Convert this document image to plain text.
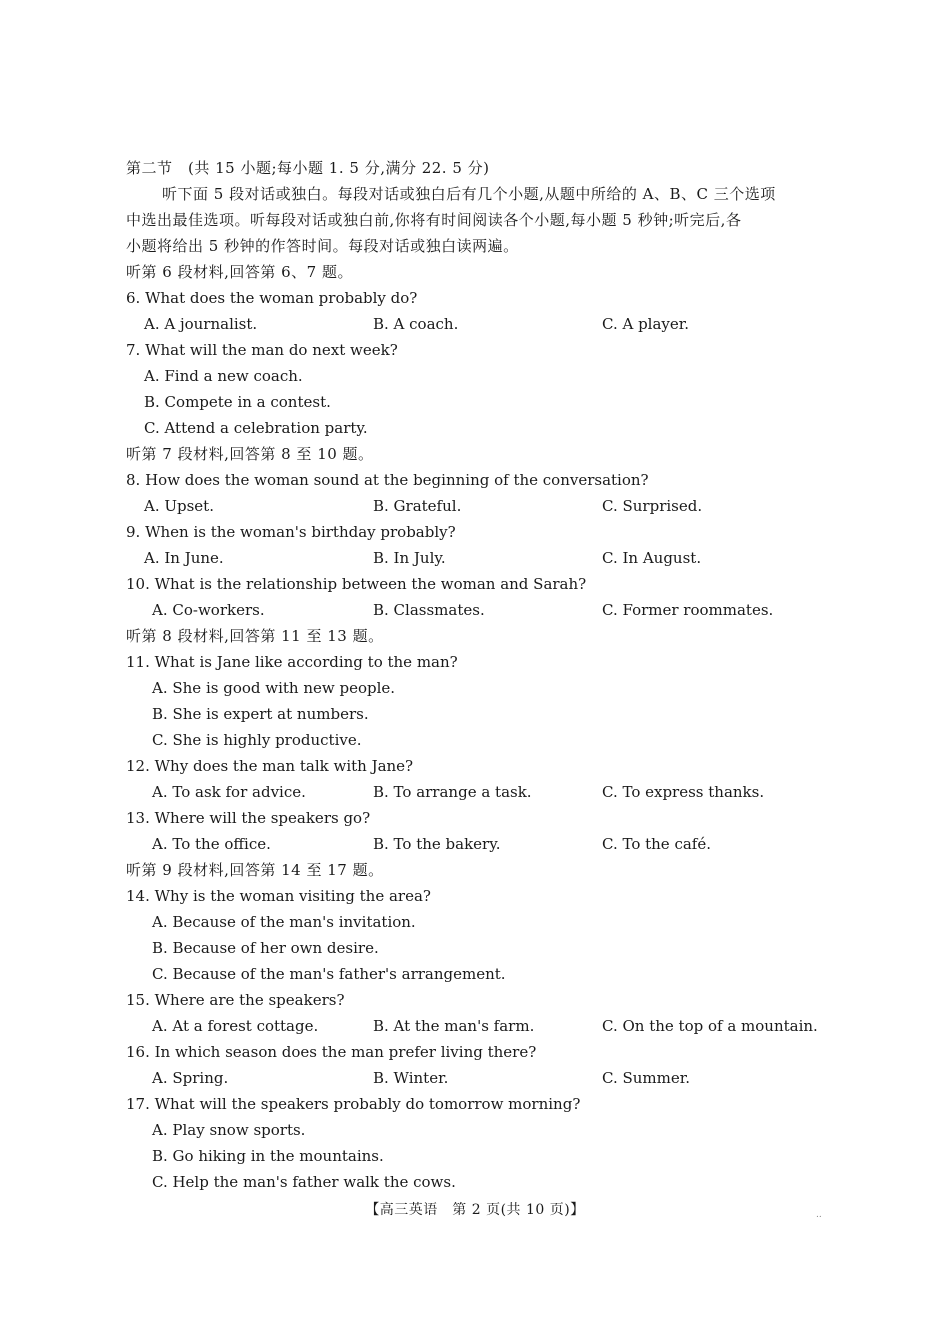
第二节　(共 15 小题;每小题 1. 5 分,满分 22. 5 分)
听下面 5 段对话或独白。每段对话或独白后有几个小题,从题中所给的 A、B、C 三个选项
中选出最佳选项。听每段对话或独白前,你将有时间阅读各个小题,每小题 5 秒钟;听完后,各
小题将给出 5 秒钟的作答时间。每段对话或独白读两遍。
听第 6 段材料,回答第 6、7 题。
6. What does the woman probably do?
A. A journalist.	B. A coach.	C. A player.
7. What will the man do next week?
A. Find a new coach.
B. Compete in a contest.
C. Attend a celebration party.
听第 7 段材料,回答第 8 至 10 题。
8. How does the woman sound at the beginning of the conversation?
A. Upset.	B. Grateful.	C. Surprised.
9. When is the woman's birthday probably?
A. In June.	B. In July.	C. In August.
10. What is the relationship between the woman and Sarah?
A. Co-workers.	B. Classmates.	C. Former roommates.
听第 8 段材料,回答第 11 至 13 题。
11. What is Jane like according to the man?
A. She is good with new people.
B. She is expert at numbers.
C. She is highly productive.
12. Why does the man talk with Jane?
A. To ask for advice.	B. To arrange a task.	C. To express thanks.
13. Where will the speakers go?
A. To the office.	B. To the bakery.	C. To the café.
听第 9 段材料,回答第 14 至 17 题。
14. Why is the woman visiting the area?
A. Because of the man's invitation.
B. Because of her own desire.
C. Because of the man's father's arrangement.
15. Where are the speakers?
A. At a forest cottage.	B. At the man's farm.	C. On the top of a mountain.
16. In which season does the man prefer living there?
A. Spring.	B. Winter.	C. Summer.
17. What will the speakers probably do tomorrow morning?
A. Play snow sports.
B. Go hiking in the mountains.
C. Help the man's father walk the cows.
【高三英语　第 2 页(共 10 页)】	..
